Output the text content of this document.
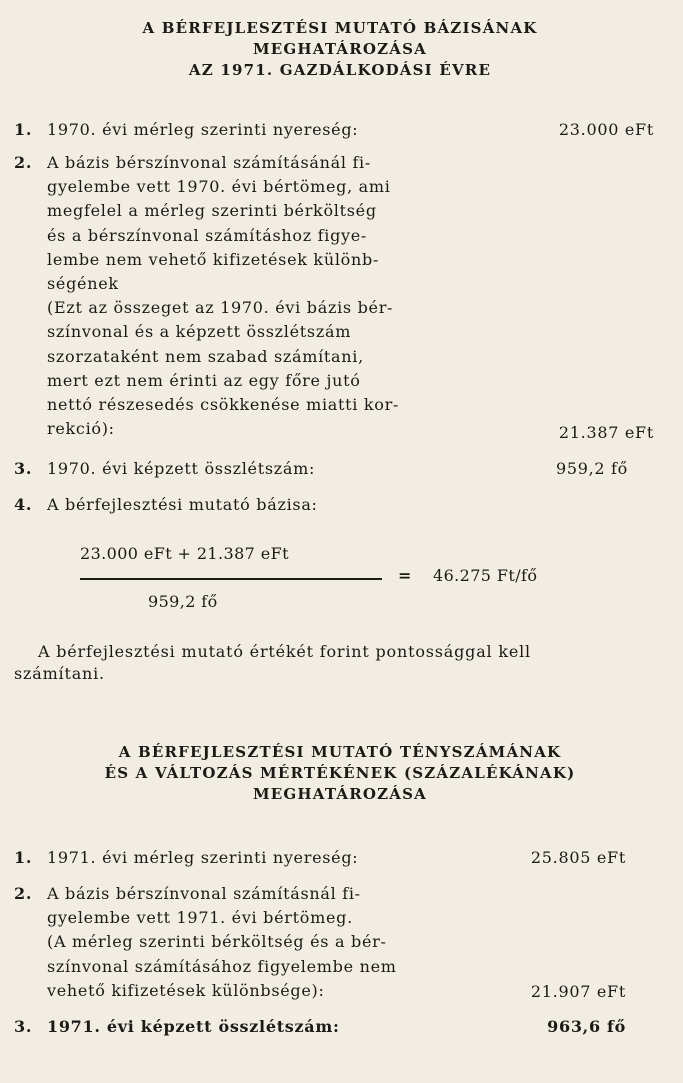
A BÉRFEJLESZTÉSI MUTATÓ BÁZISÁNAK
MEGHATÁROZÁSA
AZ 1971. GAZDÁLKODÁSI ÉVRE
1. 1970. évi mérleg szerinti nyereség:	23.000 eFt
2. A bázis bérszínvonal számításánál fi-
gyelembe vett 1970. évi bértömeg, ami
megfelel a mérleg szerinti bérköltség
és a bérszínvonal számításhoz figye-
lembe nem vehető kifizetések különb-
ségének
(Ezt az összeget az 1970. évi bázis bér-
színvonal és a képzett összlétszám
szorzataként nem szabad számítani,
mert ezt nem érinti az egy főre jutó
nettó részesedés csökkenése miatti kor-
rekció):	21.387 eFt
3. 1970. évi képzett összlétszám:	959,2 fő
4. A bérfejlesztési mutató bázisa:
23.000 eFt + 21.387 eFt
= 46.275 Ft/fő
959,2 fő
A bérfejlesztési mutató értékét forint pontossággal kell
számítani.
A BÉRFEJLESZTÉSI MUTATÓ TÉNYSZÁMÁNAK
ÉS A VÁLTOZÁS MÉRTÉKÉNEK (SZÁZALÉKÁNAK)
MEGHATÁROZÁSA
1. 1971. évi mérleg szerinti nyereség:	25.805 eFt
2. A bázis bérszínvonal számításnál fi-
gyelembe vett 1971. évi bértömeg.
(A mérleg szerinti bérköltség és a bér-
színvonal számításához figyelembe nem
vehető kifizetések különbsége):	21.907 eFt
3. 1971. évi képzett összlétszám:	963,6 fő
